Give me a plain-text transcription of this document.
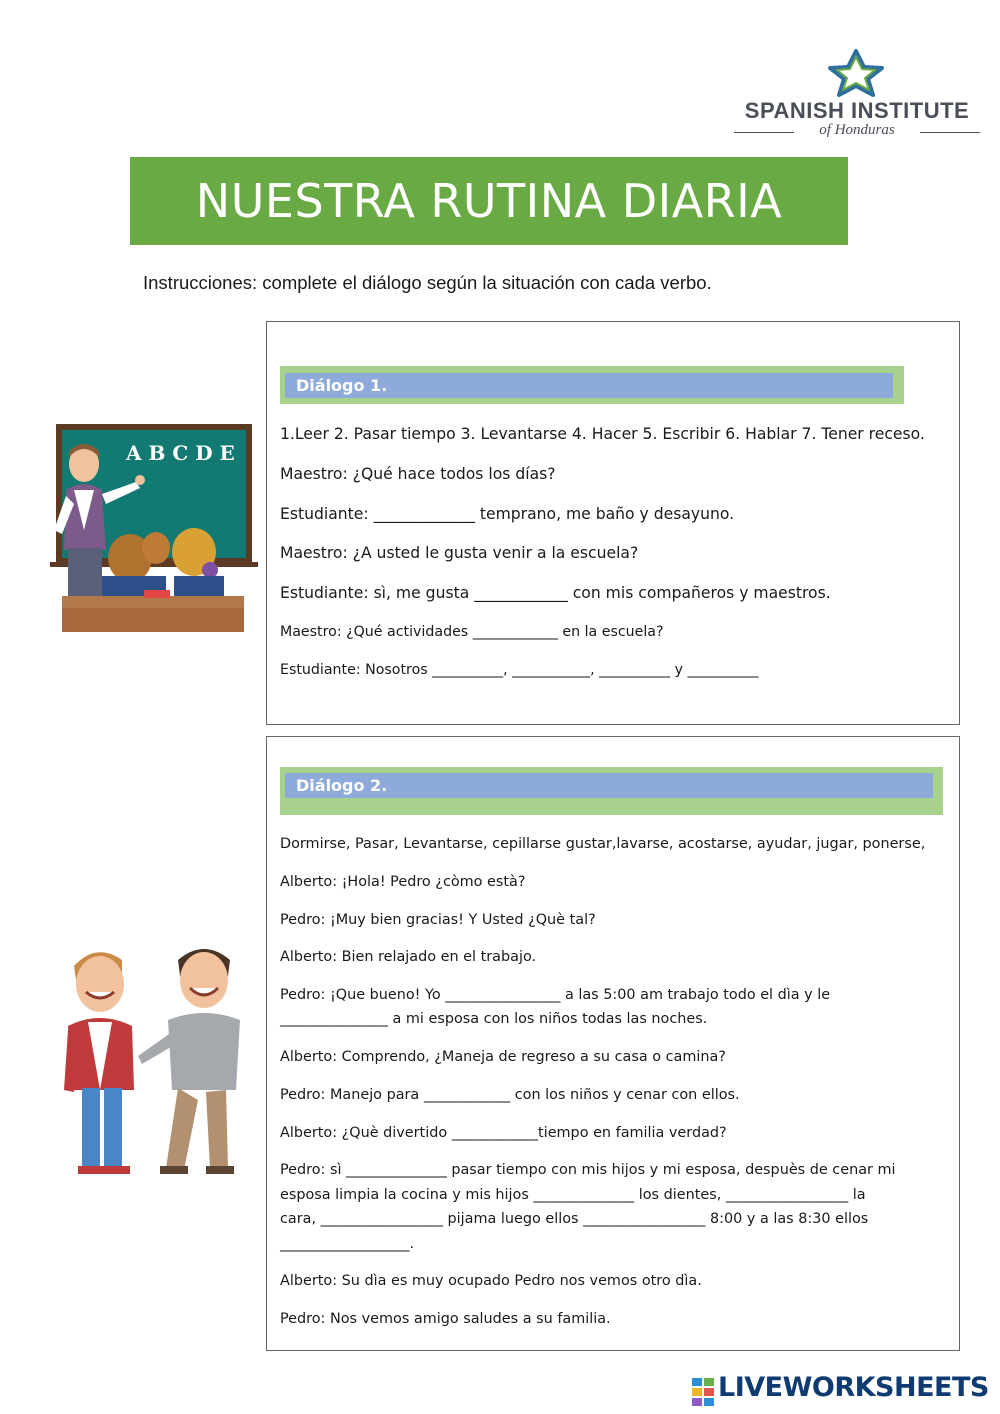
SPANISH INSTITUTE
of Honduras
NUESTRA RUTINA DIARIA
Instrucciones: complete el diálogo según la situación con cada verbo.
A B C D E
Diálogo 1.
1.Leer 2. Pasar tiempo 3. Levantarse 4. Hacer 5. Escribir 6. Hablar 7. Tener receso.
Maestro: ¿Qué hace todos los días?
Estudiante: _____________ temprano, me baño y desayuno.
Maestro: ¿A usted le gusta venir a la escuela?
Estudiante: sì, me gusta ____________ con mis compañeros y maestros.
Maestro: ¿Qué actividades ____________ en la escuela?
Estudiante: Nosotros __________, ___________, __________ y __________
Diálogo 2.
Dormirse, Pasar, Levantarse, cepillarse gustar,lavarse, acostarse, ayudar, jugar, ponerse,
Alberto: ¡Hola! Pedro ¿còmo està?
Pedro: ¡Muy bien gracias! Y Usted ¿Què tal?
Alberto: Bien relajado en el trabajo.
Pedro: ¡Que bueno! Yo ________________ a las 5:00 am trabajo todo el dìa y le
_______________ a mi esposa con los niños todas las noches.
Alberto: Comprendo, ¿Maneja de regreso a su casa o camina?
Pedro: Manejo para ____________ con los niños y cenar con ellos.
Alberto: ¿Què divertido ____________tiempo en familia verdad?
Pedro: sì ______________ pasar tiempo con mis hijos y mi esposa, despuès de cenar mi
esposa limpia la cocina y mis hijos ______________ los dientes, _________________ la
cara, _________________ pijama luego ellos _________________ 8:00 y a las 8:30 ellos
__________________.
Alberto: Su dìa es muy ocupado Pedro nos vemos otro dìa.
Pedro: Nos vemos amigo saludes a su familia.
LIVEWORKSHEETS
